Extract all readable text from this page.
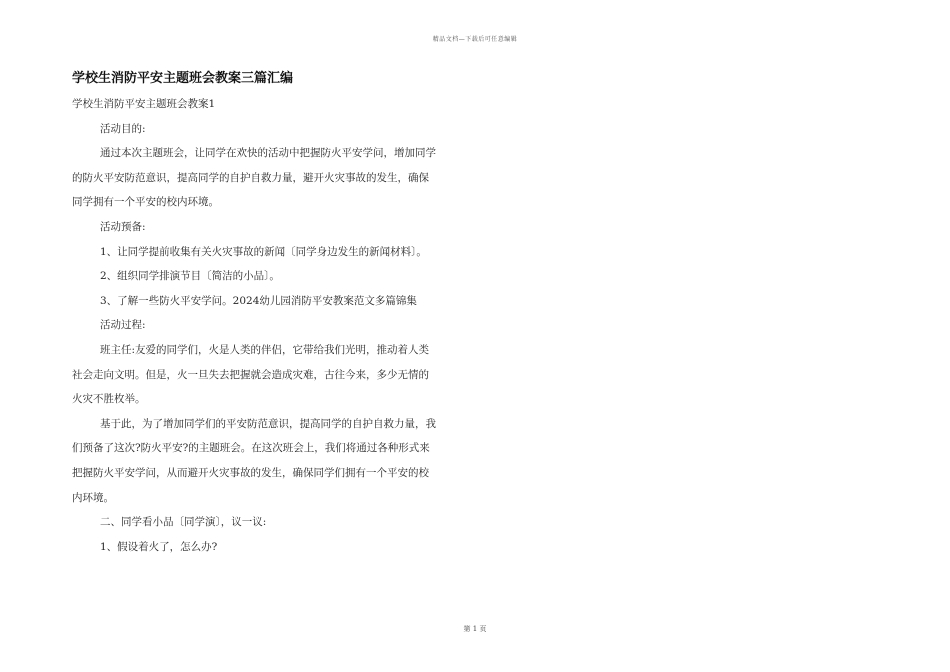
精品文档—下载后可任意编辑
学校生消防平安主题班会教案三篇汇编

学校生消防平安主题班会教案1

活动目的:

通过本次主题班会，让同学在欢快的活动中把握防火平安学问，增加同学

的防火平安防范意识，提高同学的自护自救力量，避开火灾事故的发生，确保

同学拥有一个平安的校内环境。

活动预备:

1、让同学提前收集有关火灾事故的新闻〔同学身边发生的新闻材料〕。

2、组织同学排演节目〔简洁的小品〕。

3、了解一些防火平安学问。2024幼儿园消防平安教案范文多篇锦集

活动过程:

班主任:友爱的同学们，火是人类的伴侣，它带给我们光明，推动着人类

社会走向文明。但是，火一旦失去把握就会造成灾难，古往今来，多少无情的

火灾不胜枚举。

基于此，为了增加同学们的平安防范意识，提高同学的自护自救力量，我

们预备了这次?防火平安?的主题班会。在这次班会上，我们将通过各种形式来

把握防火平安学问，从而避开火灾事故的发生，确保同学们拥有一个平安的校

内环境。

二、同学看小品〔同学演〕，议一议:

1、假设着火了，怎么办?

第 1 页
